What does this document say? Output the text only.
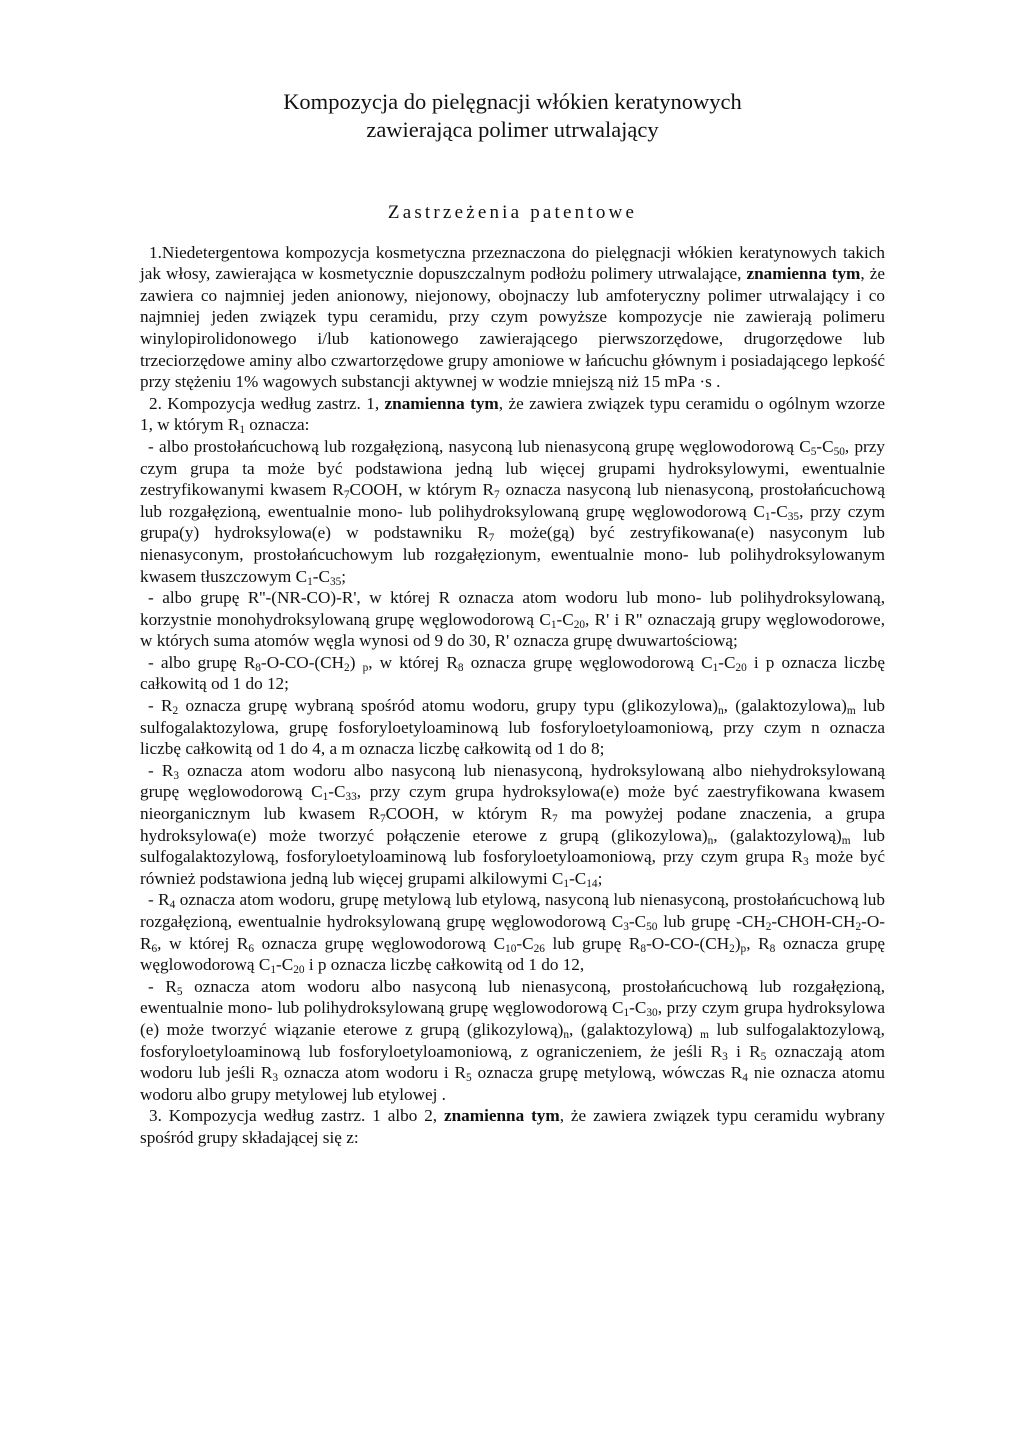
Kompozycja do pielęgnacji włókien keratynowych
zawierająca polimer utrwalający
Zastrzeżenia patentowe

1.Niedetergentowa kompozycja kosmetyczna przeznaczona do pielęgnacji włókien keratynowych takich jak włosy, zawierająca w kosmetycznie dopuszczalnym podłożu polimery utrwalające, znamienna tym, że zawiera co najmniej jeden anionowy, niejonowy, obojnaczy lub amfoteryczny polimer utrwalający i co najmniej jeden związek typu ceramidu, przy czym powyższe kompozycje nie zawierają polimeru winylopirolidonowego i/lub kationowego zawierającego pierwszorzędowe, drugorzędowe lub trzeciorzędowe aminy albo czwartorzędowe grupy amoniowe w łańcuchu głównym i posiadającego lepkość przy stężeniu 1% wagowych substancji aktywnej w wodzie mniejszą niż 15 mPa ·s .

2. Kompozycja według zastrz. 1, znamienna tym, że zawiera związek typu ceramidu o ogólnym wzorze 1, w którym $R_1$ oznacza:

- albo prostołańcuchową lub rozgałęzioną, nasyconą lub nienasyconą grupę węglowodorową $C_5-C_{50}$, przy czym grupa ta może być podstawiona jedną lub więcej grupami hydroksylowymi, ewentualnie zestryfikowanymi kwasem $R_7COOH$, w którym $R_7$ oznacza nasyconą lub nienasyconą, prostołańcuchową lub rozgałęzioną, ewentualnie mono- lub polihydroksylowaną grupę węglowodorową $C_1-C_{35}$, przy czym grupa(y) hydroksylowa(e) w podstawniku $R_7$ może(gą) być zestryfikowana(e) nasyconym lub nienasyconym, prostołańcuchowym lub rozgałęzionym, ewentualnie mono- lub polihydroksylowanym kwasem tłuszczowym $C_1-C_{35}$;

- albo grupę R''-(NR-CO)-R', w której R oznacza atom wodoru lub mono- lub polihydroksylowaną, korzystnie monohydroksylowaną grupę węglowodorową $C_1-C_{20}$, R' i R'' oznaczają grupy węglowodorowe, w których suma atomów węgla wynosi od 9 do 30, R' oznacza grupę dwuwartościową;

- albo grupę $R_8-O-CO-(CH_2)$ $_p$, w której $R_8$ oznacza grupę węglowodorową $C_1-C_{20}$ i p oznacza liczbę całkowitą od 1 do 12;

- $R_2$ oznacza grupę wybraną spośród atomu wodoru, grupy typu $(glikozylowa)_n$, $(galaktozylowa)_m$ lub sulfogalaktozylowa, grupę fosforyloetyloaminową lub fosforyloetyloamoniową, przy czym n oznacza liczbę całkowitą od 1 do 4, a m oznacza liczbę całkowitą od 1 do 8;

- $R_3$ oznacza atom wodoru albo nasyconą lub nienasyconą, hydroksylowaną albo niehydroksylowaną grupę węglowodorową $C_1-C_{33}$, przy czym grupa hydroksylowa(e) może być zaestryfikowana kwasem nieorganicznym lub kwasem $R_7COOH$, w którym $R_7$ ma powyżej podane znaczenia, a grupa hydroksylowa(e) może tworzyć połączenie eterowe z grupą $(glikozylowa)_n$, $(galaktozylową)_m$ lub sulfogalaktozylową, fosforyloetyloaminową lub fosforyloetyloamoniową, przy czym grupa $R_3$ może być również podstawiona jedną lub więcej grupami alkilowymi $C_1-C_{14}$;

- $R_4$ oznacza atom wodoru, grupę metylową lub etylową, nasyconą lub nienasyconą, prostołańcuchową lub rozgałęzioną, ewentualnie hydroksylowaną grupę węglowodorową $C_3-C_{50}$ lub grupę $-CH_2-CHOH-CH_2-O-R_6$, w której $R_6$ oznacza grupę węglowodorową $C_{10}-C_{26}$ lub grupę $R_8-O-CO-(CH_2)_p$, $R_8$ oznacza grupę węglowodorową $C_1-C_{20}$ i p oznacza liczbę całkowitą od 1 do 12,

- $R_5$ oznacza atom wodoru albo nasyconą lub nienasyconą, prostołańcuchową lub rozgałęzioną, ewentualnie mono- lub polihydroksylowaną grupę węglowodorową $C_1-C_{30}$, przy czym grupa hydroksylowa (e) może tworzyć wiązanie eterowe z grupą $(glikozylową)_n$, (galaktozylową) $_m$ lub sulfogalaktozylową, fosforyloetyloaminową lub fosforyloetyloamoniową, z ograniczeniem, że jeśli $R_3$ i $R_5$ oznaczają atom wodoru lub jeśli $R_3$ oznacza atom wodoru i $R_5$ oznacza grupę metylową, wówczas $R_4$ nie oznacza atomu wodoru albo grupy metylowej lub etylowej .

3. Kompozycja według zastrz. 1 albo 2, znamienna tym, że zawiera związek typu ceramidu wybrany spośród grupy składającej się z:
